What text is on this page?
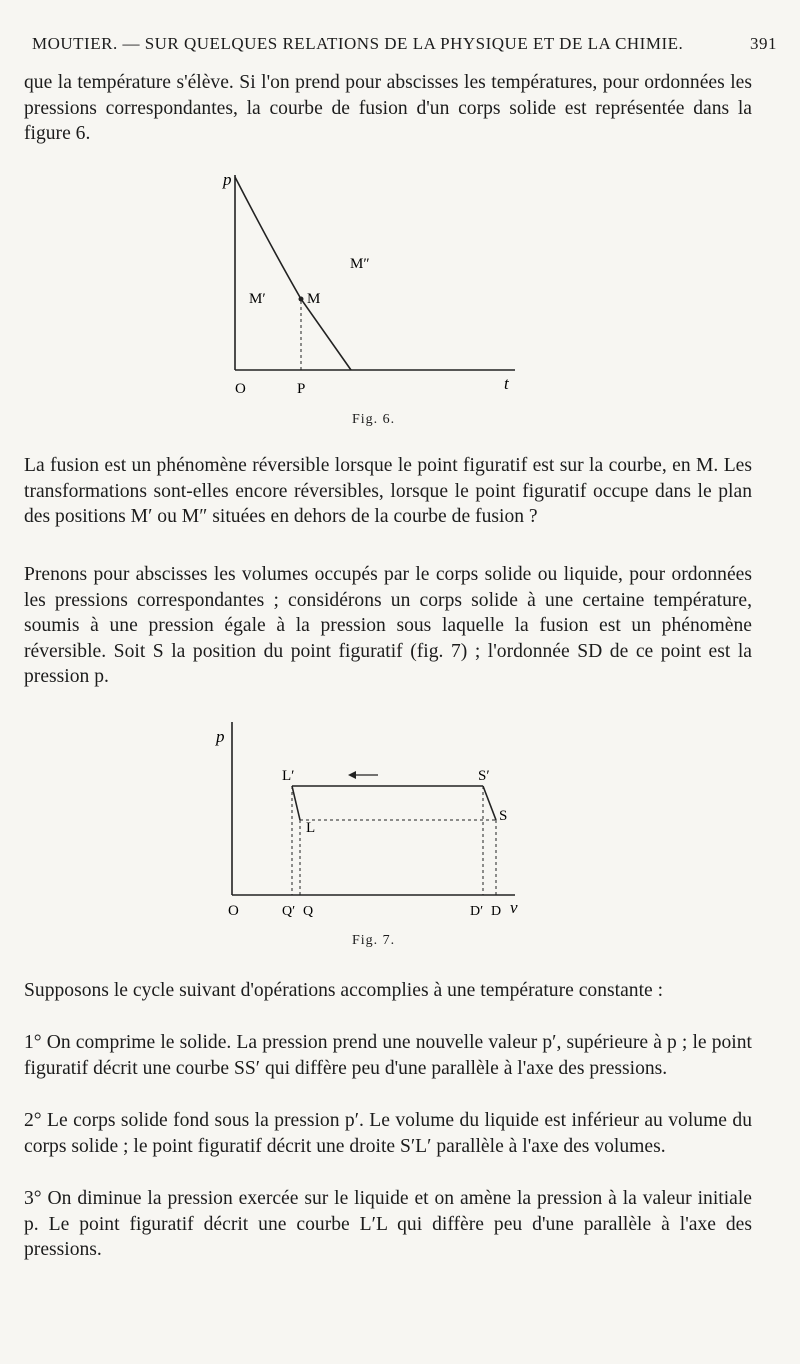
MOUTIER. — SUR QUELQUES RELATIONS DE LA PHYSIQUE ET DE LA CHIMIE.	391

que la température s'élève. Si l'on prend pour abscisses les températures, pour ordonnées les pressions correspondantes, la courbe de fusion d'un corps solide est représentée dans la figure 6.

p
M″
M′	M
O	P	t
Fig. 6.

La fusion est un phénomène réversible lorsque le point figuratif est sur la courbe, en M. Les transformations sont-elles encore réversibles, lorsque le point figuratif occupe dans le plan des positions M′ ou M″ situées en dehors de la courbe de fusion ?

Prenons pour abscisses les volumes occupés par le corps solide ou liquide, pour ordonnées les pressions correspondantes ; considérons un corps solide à une certaine température, soumis à une pression égale à la pression sous laquelle la fusion est un phénomène réversible. Soit S la position du point figuratif (fig. 7) ; l'ordonnée SD de ce point est la pression p.

p
L′	S′
S
L
O	Q′ Q	D′ D v
Fig. 7.

Supposons le cycle suivant d'opérations accomplies à une température constante :

1° On comprime le solide. La pression prend une nouvelle valeur p′, supérieure à p ; le point figuratif décrit une courbe SS′ qui diffère peu d'une parallèle à l'axe des pressions.

2° Le corps solide fond sous la pression p′. Le volume du liquide est inférieur au volume du corps solide ; le point figuratif décrit une droite S′L′ parallèle à l'axe des volumes.

3° On diminue la pression exercée sur le liquide et on amène la pression à la valeur initiale p. Le point figuratif décrit une courbe L′L qui diffère peu d'une parallèle à l'axe des pressions.
